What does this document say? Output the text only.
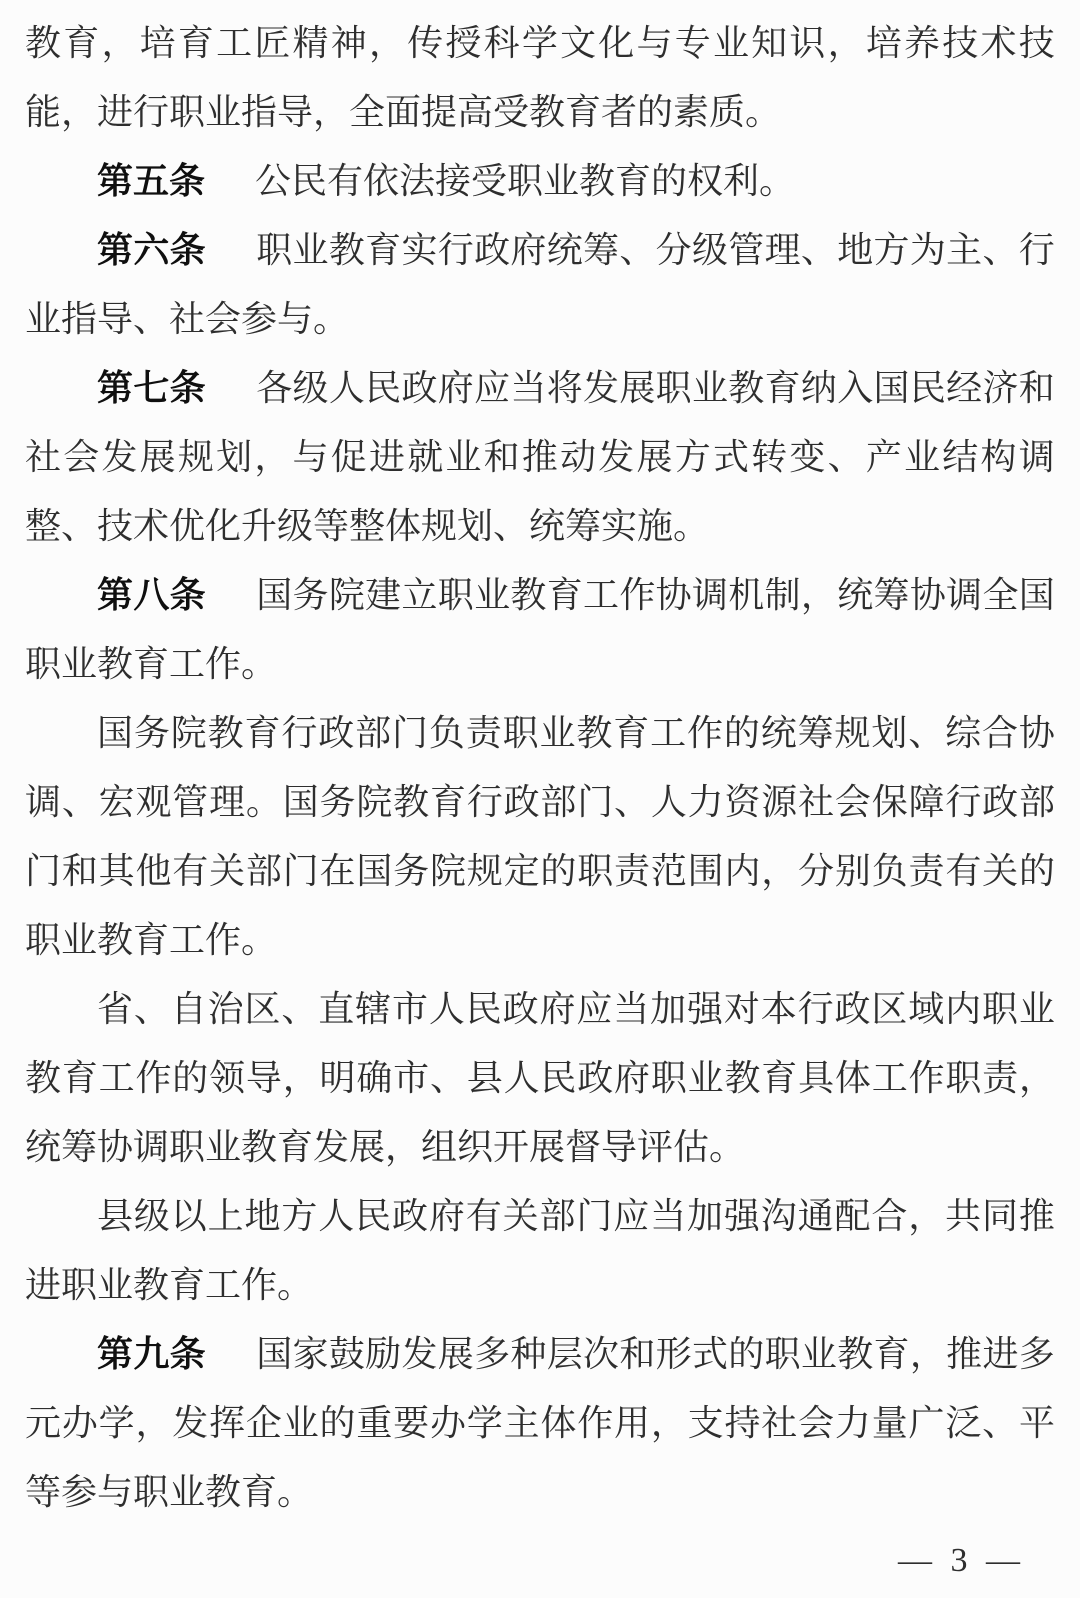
教 育 ， 培 育 工 匠 精 神 ， 传 授 科 学 文 化 与 专 业 知 识 ， 培 养 技 术 技
能，进行职业指导，全面提高受教育者的素质。
第五条 公民有依法接受职业教育的权利。
第 六 条 职 业 教 育 实 行 政 府 统 筹 、 分 级 管 理 、 地 方 为 主 、 行
业指导、社会参与。
第 七 条 各 级 人 民 政 府 应 当 将 发 展 职 业 教 育 纳 入 国 民 经 济 和
社 会 发 展 规 划 ， 与 促 进 就 业 和 推 动 发 展 方 式 转 变 、 产 业 结 构 调
整、技术优化升级等整体规划、统筹实施。
第 八 条 国 务 院 建 立 职 业 教 育 工 作 协 调 机 制 ， 统 筹 协 调 全 国
职业教育工作。
国 务 院 教 育 行 政 部 门 负 责 职 业 教 育 工 作 的 统 筹 规 划 、 综 合 协
调 、 宏 观 管 理 。 国 务 院 教 育 行 政 部 门 、 人 力 资 源 社 会 保 障 行 政 部
门 和 其 他 有 关 部 门 在 国 务 院 规 定 的 职 责 范 围 内 ， 分 别 负 责 有 关 的
职业教育工作。
省 、 自 治 区 、 直 辖 市 人 民 政 府 应 当 加 强 对 本 行 政 区 域 内 职 业
教 育 工 作 的 领 导 ， 明 确 市 、 县 人 民 政 府 职 业 教 育 具 体 工 作 职 责 ，
统筹协调职业教育发展，组织开展督导评估。
县 级 以 上 地 方 人 民 政 府 有 关 部 门 应 当 加 强 沟 通 配 合 ， 共 同 推
进职业教育工作。
第 九 条 国 家 鼓 励 发 展 多 种 层 次 和 形 式 的 职 业 教 育 ， 推 进 多
元 办 学 ， 发 挥 企 业 的 重 要 办 学 主 体 作 用 ， 支 持 社 会 力 量 广 泛 、 平
等参与职业教育。
— 3 —
